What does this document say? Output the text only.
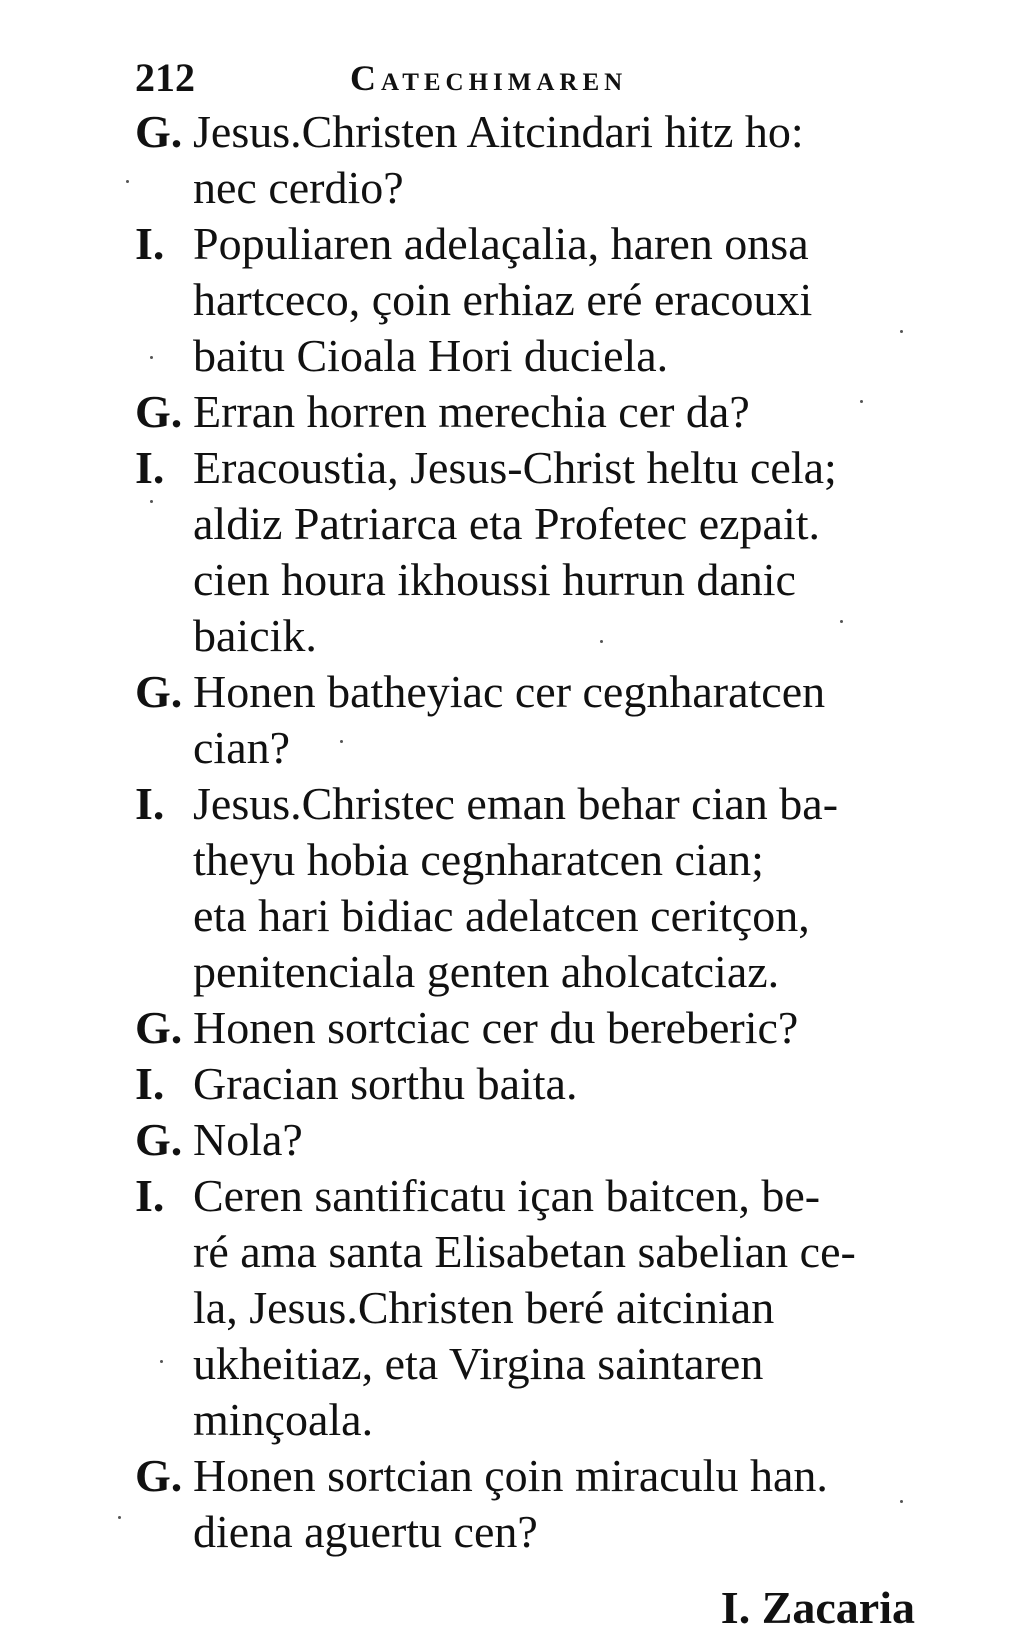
212	Catechimaren
G. Jesus.Christen Aitcindari hitz ho:
nec cerdio?
I. Populiaren adelaçalia, haren onsa
hartceco, çoin erhiaz eré eracouxi
baitu Cioala Hori duciela.
G. Erran horren merechia cer da?
I. Eracoustia, Jesus-Christ heltu cela;
aldiz Patriarca eta Profetec ezpait.
cien houra ikhoussi hurrun danic
baicik.
G. Honen batheyiac cer cegnharatcen
cian?
I. Jesus.Christec eman behar cian ba-
theyu hobia cegnharatcen cian;
eta hari bidiac adelatcen ceritçon,
penitenciala genten aholcatciaz.
G. Honen sortciac cer du bereberic?
I. Gracian sorthu baita.
G. Nola?
I. Ceren santificatu içan baitcen, be-
ré ama santa Elisabetan sabelian ce-
la, Jesus.Christen beré aitcinian
ukheitiaz, eta Virgina saintaren
minçoala.
G. Honen sortcian çoin miraculu han.
diena aguertu cen?
I. Zacaria
